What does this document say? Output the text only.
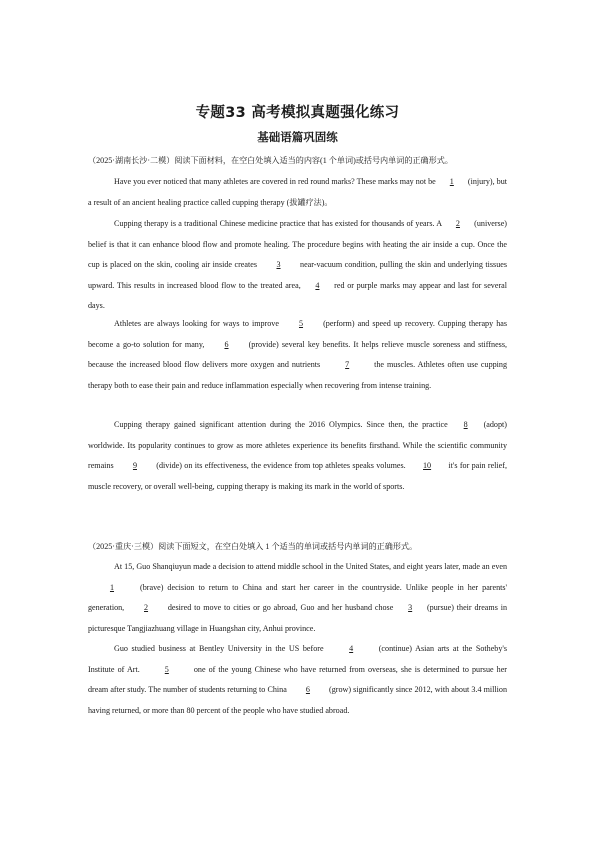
专题33 高考模拟真题强化练习
基础语篇巩固练
（2025·湖南长沙·二模）阅读下面材料，在空白处填入适当的内容(1 个单词)或括号内单词的正确形式。

Have you ever noticed that many athletes are covered in red round marks? These marks may not be 1 (injury), but a result of an ancient healing practice called cupping therapy (拔罐疗法)。

Cupping therapy is a traditional Chinese medicine practice that has existed for thousands of years. A 2 (universe) belief is that it can enhance blood flow and promote healing. The procedure begins with heating the air inside a cup. Once the cup is placed on the skin, cooling air inside creates 3 near-vacuum condition, pulling the skin and underlying tissues upward. This results in increased blood flow to the treated area, 4 red or purple marks may appear and last for several days.

Athletes are always looking for ways to improve 5 (perform) and speed up recovery. Cupping therapy has become a go-to solution for many, 6 (provide) several key benefits. It helps relieve muscle soreness and stiffness, because the increased blood flow delivers more oxygen and nutrients	7	the muscles. Athletes often use cupping therapy both to ease their pain and reduce inflammation especially when recovering from intense training.

Cupping therapy gained significant attention during the 2016 Olympics. Since then, the practice 8 (adopt) worldwide. Its popularity continues to grow as more athletes experience its benefits firsthand. While the scientific community remains 9 (divide) on its effectiveness, the evidence from top athletes speaks volumes. 10 it's for pain relief, muscle recovery, or overall well-being, cupping therapy is making its mark in the world of sports.

（2025·重庆·三模）阅读下面短文，在空白处填入 1 个适当的单词或括号内单词的正确形式。

At 15, Guo Shanqiuyun made a decision to attend middle school in the United States, and eight years later, made an even 1	(brave) decision to return to China and start her career in the countryside. Unlike people in her parents' generation, 2 desired to move to cities or go abroad, Guo and her husband chose 3 (pursue) their dreams in picturesque Tangjiazhuang village in Huangshan city, Anhui province.

Guo studied business at Bentley University in the US before	4	(continue) Asian arts at the Sotheby's Institute of Art.	5	one of the young Chinese who have returned from overseas, she is determined to pursue her dream after study. The number of students returning to China 6 (grow) significantly since 2012, with about 3.4 million having returned, or more than 80 percent of the people who have studied abroad.
